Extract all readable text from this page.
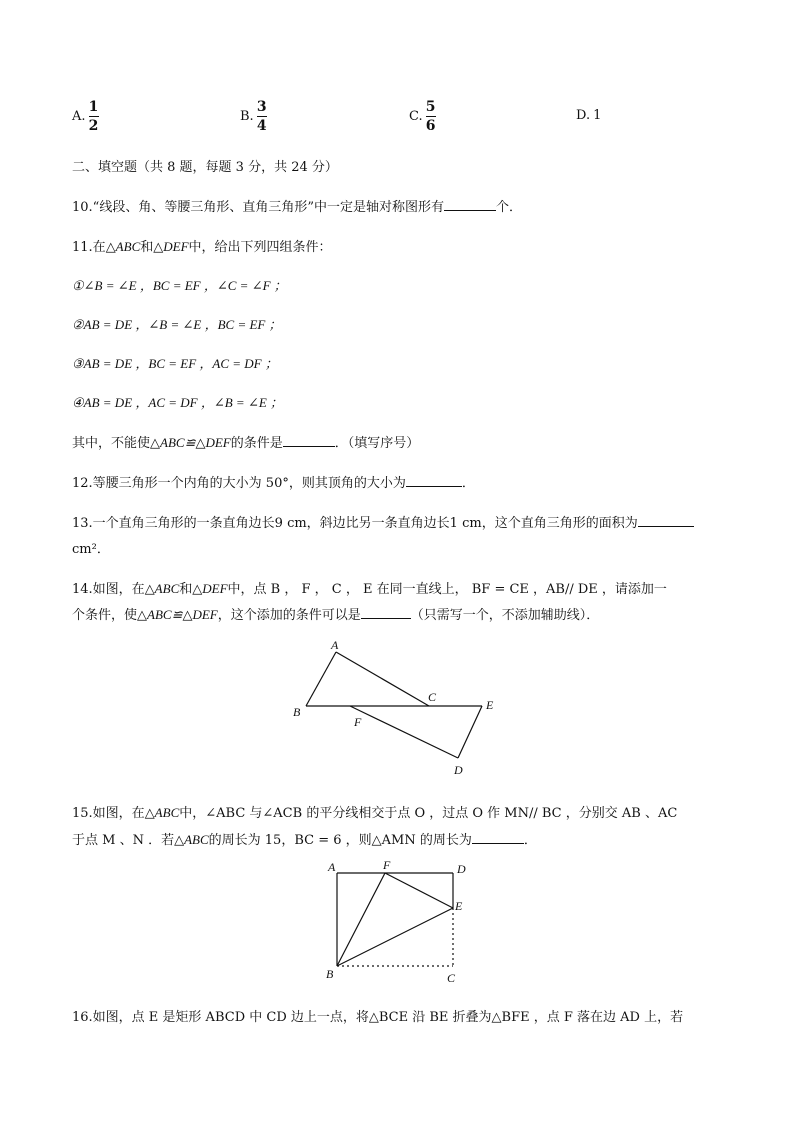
A. $\frac{1}{2}$	B. $\frac{3}{4}$	C. $\frac{5}{6}$	D. 1
二、填空题（共 8 题，每题 3 分，共 24 分）
10.“线段、角、等腰三角形、直角三角形”中一定是轴对称图形有	个．
11.在△ABC和△DEF中，给出下列四组条件：
①∠B = ∠E ，BC = EF ，∠C = ∠F ；
②AB = DE ，∠B = ∠E ，BC = EF ；
③AB = DE ，BC = EF ，AC = DF ；
④AB = DE ，AC = DF ，∠B = ∠E ；
其中，不能使△ABC≌△DEF的条件是	．（填写序号）
12.等腰三角形一个内角的大小为 50°，则其顶角的大小为	．
13.一个直角三角形的一条直角边长9 cm，斜边比另一条直角边长1 cm，这个直角三角形的面积为
cm²．
14.如图，在△ABC和△DEF中，点 B ， F ， C ， E 在同一直线上， BF = CE ，AB// DE ，请添加一
个条件，使△ABC≌△DEF，这个添加的条件可以是	（只需写一个，不添加辅助线）．
A
B
C
E
F
D
15.如图，在△ABC中，∠ABC 与∠ACB 的平分线相交于点 O ，过点 O 作 MN// BC ，分别交 AB 、AC
于点 M 、N ．若△ABC的周长为 15，BC = 6 ，则△AMN 的周长为	．
A	F	D
E
B	C
16.如图，点 E 是矩形 ABCD 中 CD 边上一点，将△BCE 沿 BE 折叠为△BFE ，点 F 落在边 AD 上，若
